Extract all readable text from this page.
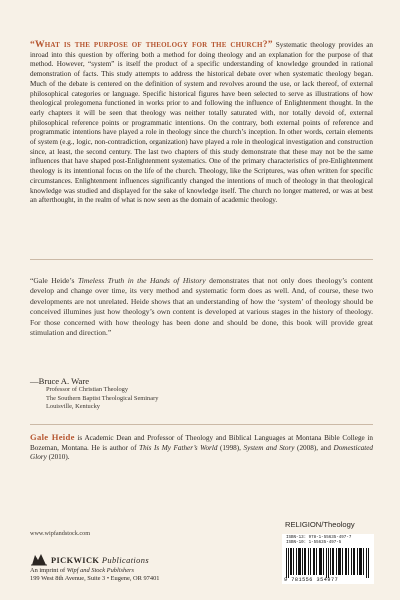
“What is the purpose of theology for the church?” Systematic theology provides an inroad into this question by offering both a method for doing theology and an explanation for the purpose of that method. However, “system” is itself the product of a specific understanding of knowledge grounded in rational demonstration of facts. This study attempts to address the historical debate over when systematic theology began. Much of the debate is centered on the definition of system and revolves around the use, or lack thereof, of external philosophical categories or language. Specific historical figures have been selected to serve as illustrations of how theological prolegomena functioned in works prior to and following the influence of Enlightenment thought. In the early chapters it will be seen that theology was neither totally saturated with, nor totally devoid of, external philosophical reference points or programmatic intentions. On the contrary, both external points of reference and programmatic intentions have played a role in theology since the church’s inception. In other words, certain elements of system (e.g., logic, non-contradiction, organization) have played a role in theological investigation and construction since, at least, the second century. The last two chapters of this study demonstrate that these may not be the same influences that have shaped post-Enlightenment systematics. One of the primary characteristics of pre-Enlightenment theology is its intentional focus on the life of the church. Theology, like the Scriptures, was often written for specific circumstances. Enlightenment influences significantly changed the intentions of much of theology in that theological knowledge was studied and displayed for the sake of knowledge itself. The church no longer mattered, or was at best an afterthought, in the realm of what is now seen as the domain of academic theology.
“Gale Heide’s Timeless Truth in the Hands of History demonstrates that not only does theology’s content develop and change over time, its very method and systematic form does as well. And, of course, these two developments are not unrelated. Heide shows that an understanding of how the ‘system’ of theology should be conceived illumines just how theology’s own content is developed at various stages in the history of theology. For those concerned with how theology has been done and should be done, this book will provide great stimulation and direction.”
—Bruce A. Ware
Professor of Christian Theology
The Southern Baptist Theological Seminary
Louisville, Kentucky
Gale Heide is Academic Dean and Professor of Theology and Biblical Languages at Montana Bible College in Bozeman, Montana. He is author of This Is My Father’s World (1998), System and Story (2008), and Domesticated Glory (2010).
www.wipfandstock.com
RELIGION/Theology
ISBN-13: 978-1-55635-497-7
ISBN-10: 1-55635-497-5
9 781556 354977
PICKWICK Publications
An imprint of Wipf and Stock Publishers
199 West 8th Avenue, Suite 3 • Eugene, OR 97401
